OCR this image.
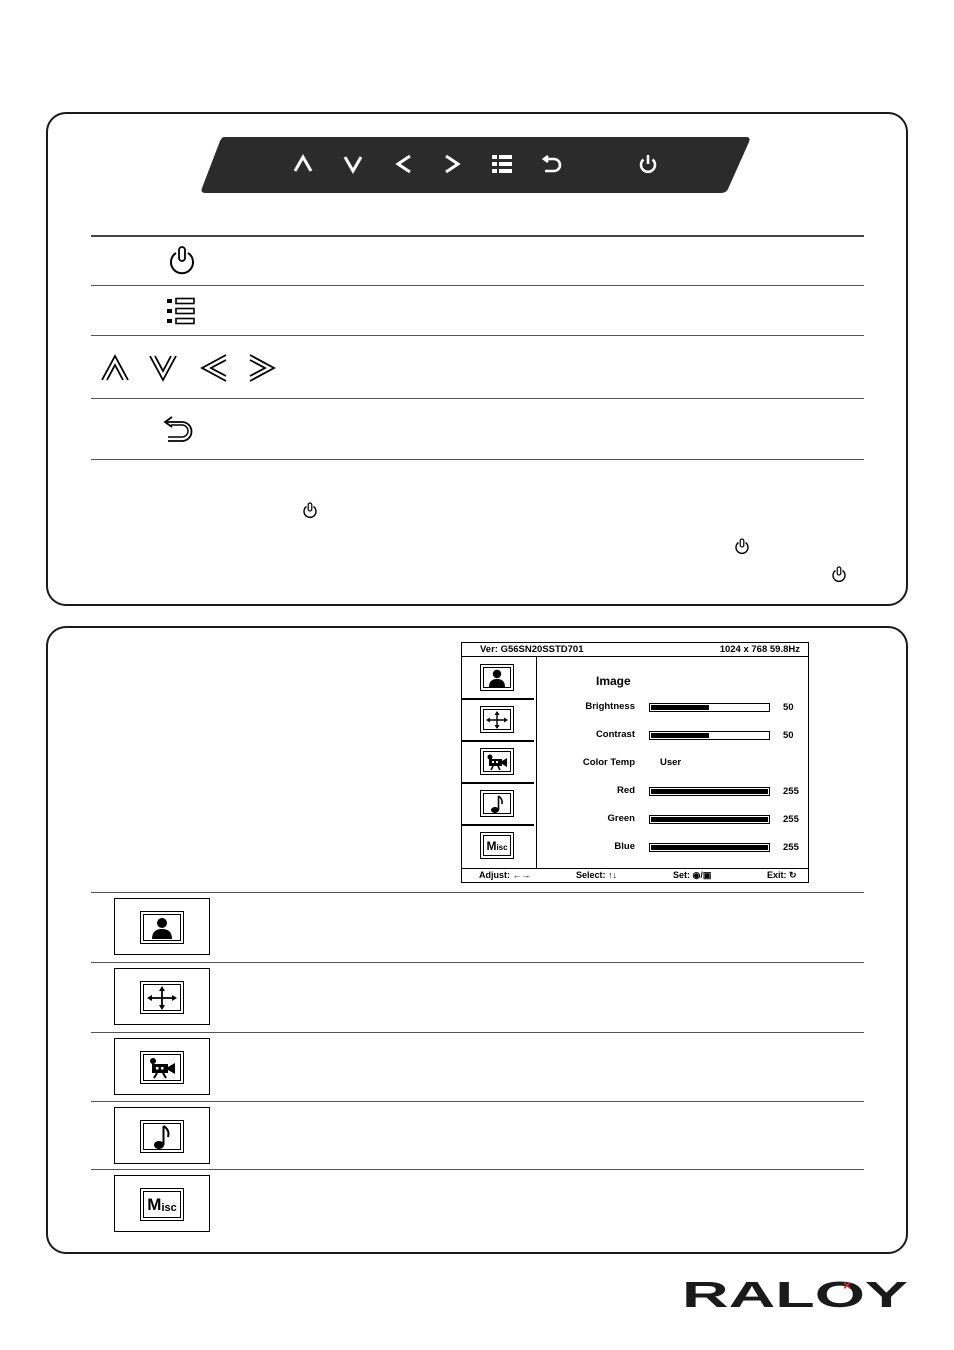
Ver: G56SN20SSTD701	1024 x 768 59.8Hz
M isc
Image
Brightness	50
Contrast	50
Color Temp	User
Red	255
Green	255
Blue	255
Adjust: ←→	Select: ↑↓	Set: ◉/▣	Exit: ↻
M isc
RALOY
×
